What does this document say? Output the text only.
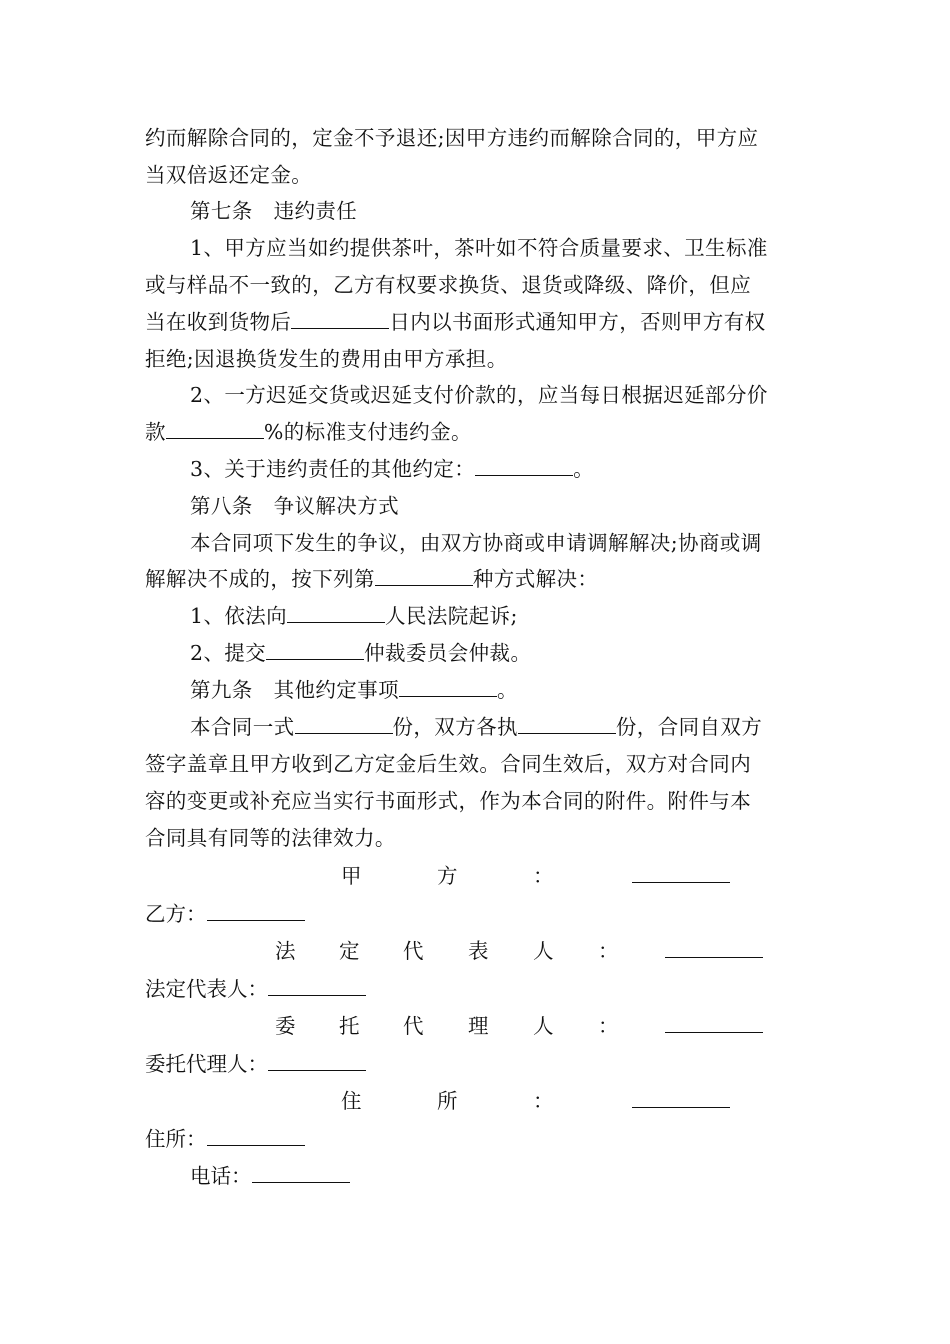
约而解除合同的，定金不予退还;因甲方违约而解除合同的，甲方应
当双倍返还定金。
第七条　违约责任
1、甲方应当如约提供茶叶，茶叶如不符合质量要求、卫生标准
或与样品不一致的，乙方有权要求换货、退货或降级、降价，但应
当在收到货物后	日内以书面形式通知甲方，否则甲方有权
拒绝;因退换货发生的费用由甲方承担。
2、一方迟延交货或迟延支付价款的，应当每日根据迟延部分价
款	%的标准支付违约金。
3、关于违约责任的其他约定：	。
第八条　争议解决方式
本合同项下发生的争议，由双方协商或申请调解解决;协商或调
解解决不成的，按下列第	种方式解决：
1、依法向	人民法院起诉;
2、提交	仲裁委员会仲裁。
第九条　其他约定事项	。
本合同一式	份，双方各执	份，合同自双方
签字盖章且甲方收到乙方定金后生效。合同生效后，双方对合同内
容的变更或补充应当实行书面形式，作为本合同的附件。附件与本
合同具有同等的法律效力。
甲	方	：
乙方：
法 定 代 表 人 ：
法定代表人：
委 托 代 理 人 ：
委托代理人：
住	所	：
住所：
电话：
